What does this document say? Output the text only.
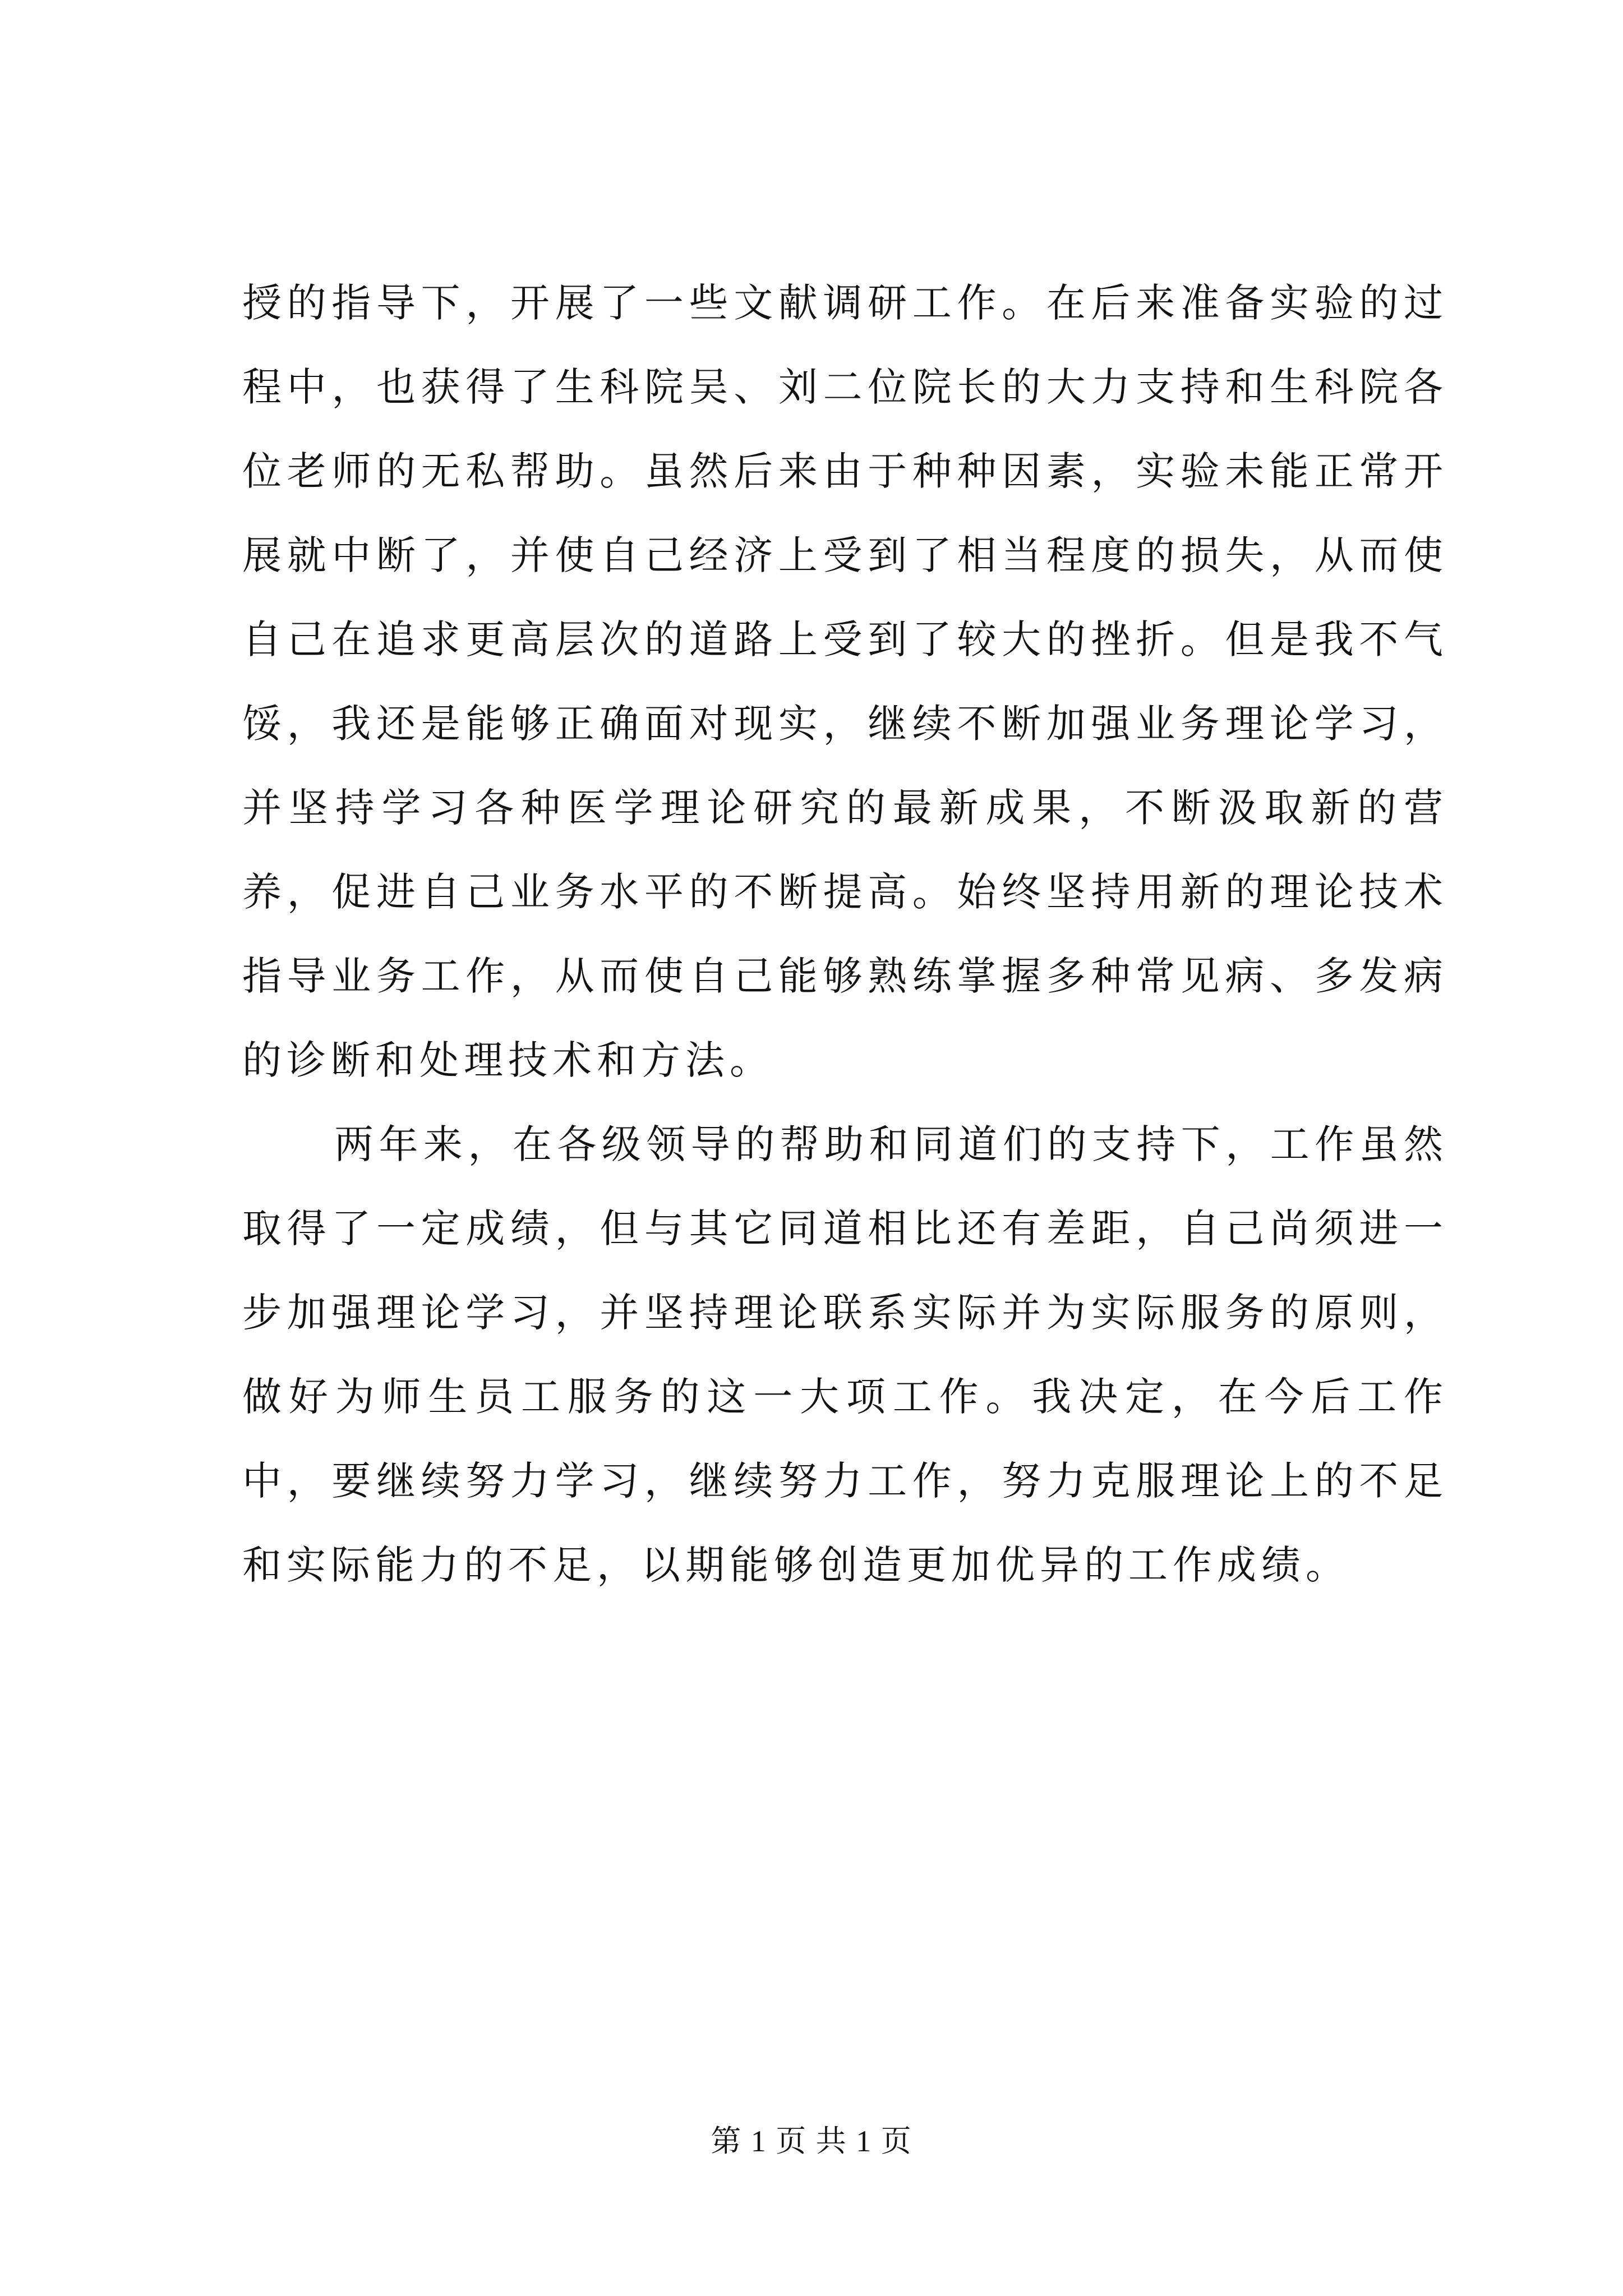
授的指导下，开展了一些文献调研工作。在后来准备实验的过程中，也获得了生科院吴、刘二位院长的大力支持和生科院各位老师的无私帮助。虽然后来由于种种因素，实验未能正常开展就中断了，并使自己经济上受到了相当程度的损失，从而使自己在追求更高层次的道路上受到了较大的挫折。但是我不气馁，我还是能够正确面对现实，继续不断加强业务理论学习，并坚持学习各种医学理论研究的最新成果，不断汲取新的营养，促进自己业务水平的不断提高。始终坚持用新的理论技术指导业务工作，从而使自己能够熟练掌握多种常见病、多发病的诊断和处理技术和方法。

两年来，在各级领导的帮助和同道们的支持下，工作虽然取得了一定成绩，但与其它同道相比还有差距，自己尚须进一步加强理论学习，并坚持理论联系实际并为实际服务的原则，做好为师生员工服务的这一大项工作。我决定，在今后工作中，要继续努力学习，继续努力工作，努力克服理论上的不足和实际能力的不足，以期能够创造更加优异的工作成绩。

第 1 页 共 1 页
